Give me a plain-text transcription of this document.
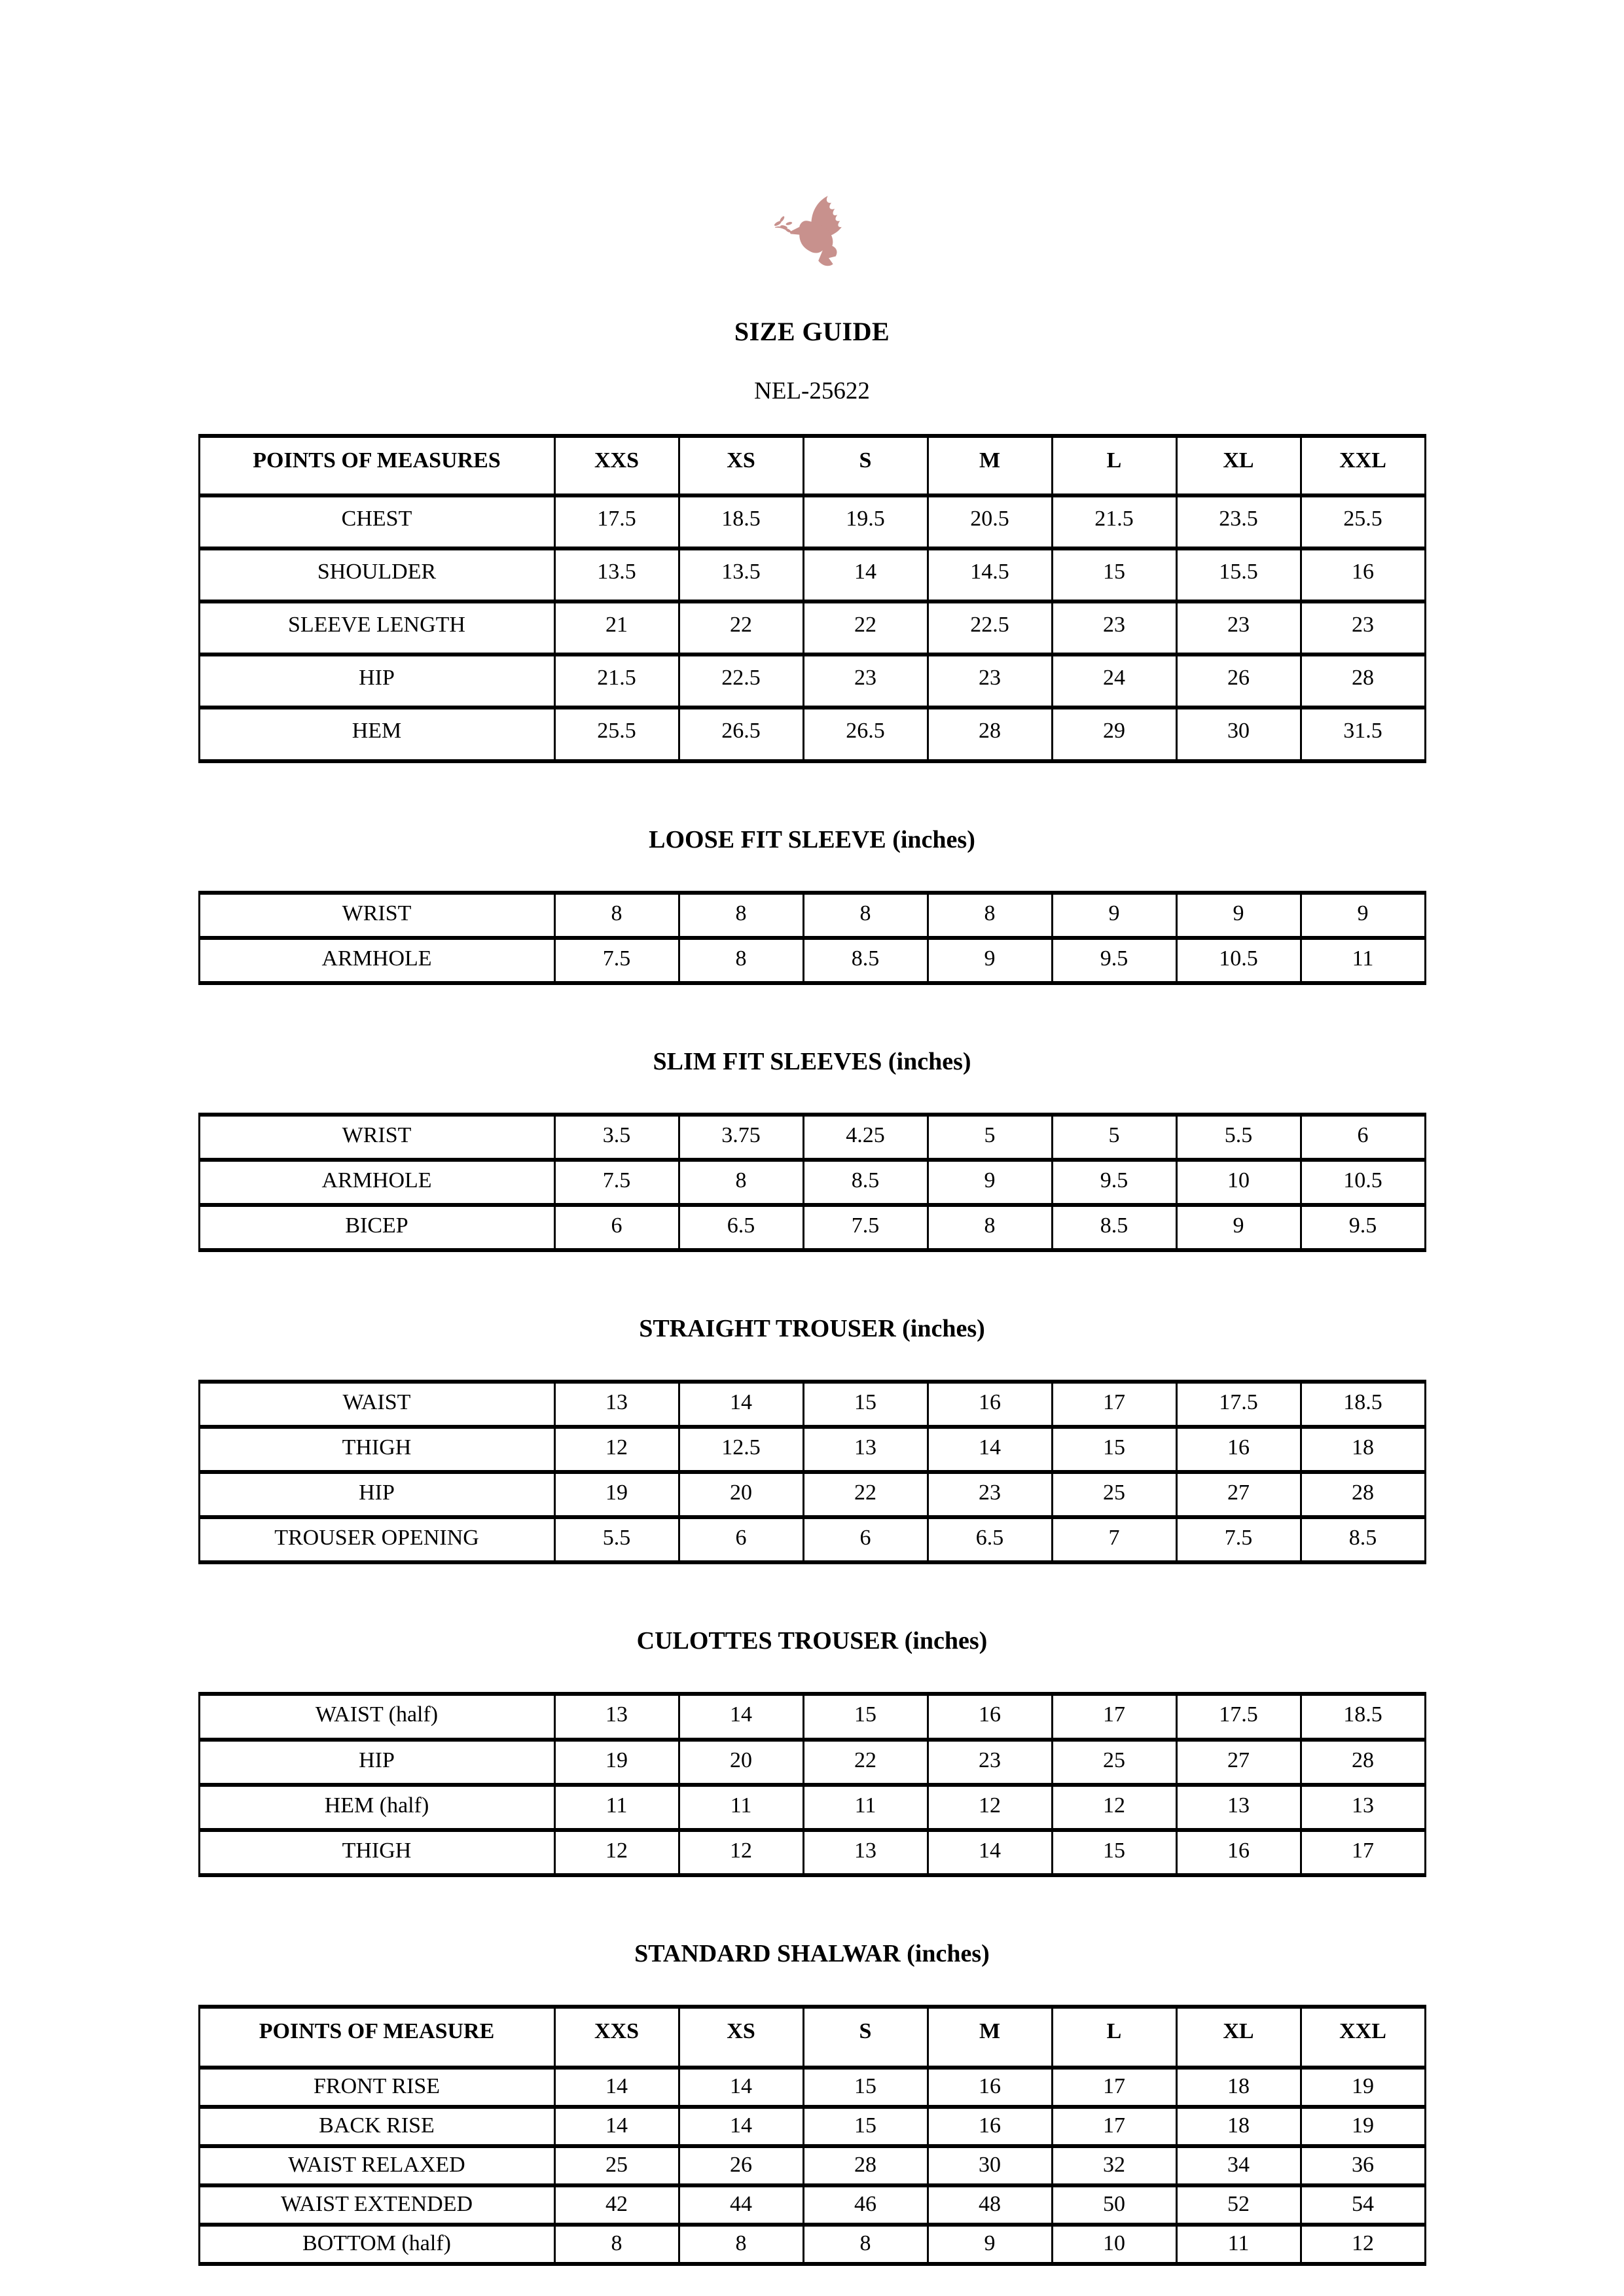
SIZE GUIDE
NEL-25622
POINTS OF MEASURES	XXS	XS	S	M	L	XL	XXL
CHEST	17.5	18.5	19.5	20.5	21.5	23.5	25.5
SHOULDER	13.5	13.5	14	14.5	15	15.5	16
SLEEVE LENGTH	21	22	22	22.5	23	23	23
HIP	21.5	22.5	23	23	24	26	28
HEM	25.5	26.5	26.5	28	29	30	31.5
LOOSE FIT SLEEVE (inches)
WRIST	8	8	8	8	9	9	9
ARMHOLE	7.5	8	8.5	9	9.5	10.5	11
SLIM FIT SLEEVES (inches)
WRIST	3.5	3.75	4.25	5	5	5.5	6
ARMHOLE	7.5	8	8.5	9	9.5	10	10.5
BICEP	6	6.5	7.5	8	8.5	9	9.5
STRAIGHT TROUSER (inches)
WAIST	13	14	15	16	17	17.5	18.5
THIGH	12	12.5	13	14	15	16	18
HIP	19	20	22	23	25	27	28
TROUSER OPENING	5.5	6	6	6.5	7	7.5	8.5
CULOTTES TROUSER (inches)
WAIST (half)	13	14	15	16	17	17.5	18.5
HIP	19	20	22	23	25	27	28
HEM (half)	11	11	11	12	12	13	13
THIGH	12	12	13	14	15	16	17
STANDARD SHALWAR (inches)
POINTS OF MEASURE	XXS	XS	S	M	L	XL	XXL
FRONT RISE	14	14	15	16	17	18	19
BACK RISE	14	14	15	16	17	18	19
WAIST RELAXED	25	26	28	30	32	34	36
WAIST EXTENDED	42	44	46	48	50	52	54
BOTTOM (half)	8	8	8	9	10	11	12
